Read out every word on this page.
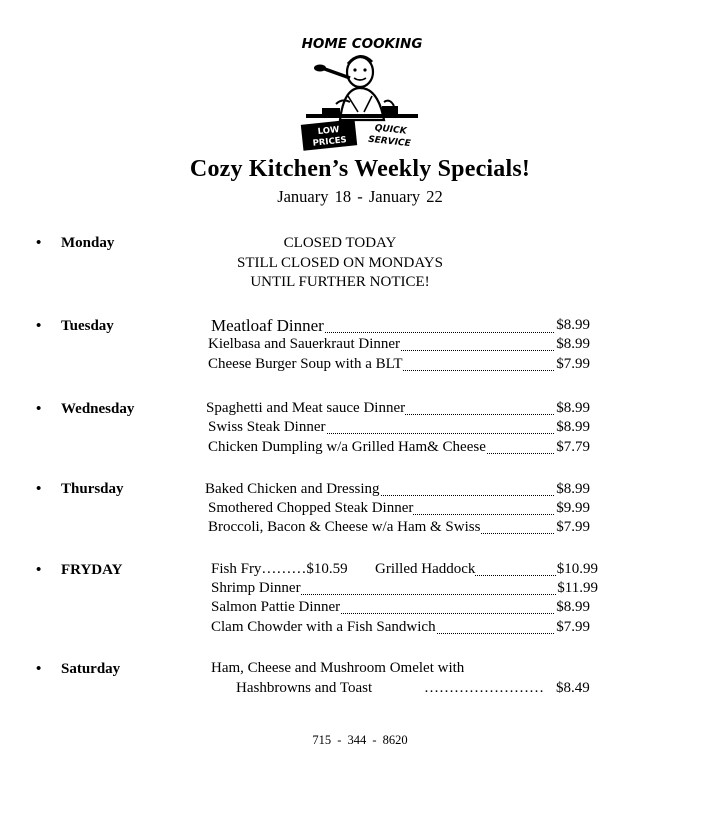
HOME COOKING
LOW
PRICES
QUICK
SERVICE
Cozy Kitchen’s Weekly Specials!
January 18 - January 22
• Monday	CLOSED TODAY
STILL CLOSED ON MONDAYS
UNTIL FURTHER NOTICE!
• Tuesday	Meatloaf Dinner	$8.99
Kielbasa and Sauerkraut Dinner	$8.99
Cheese Burger Soup with a BLT	$7.99
• Wednesday	Spaghetti and Meat sauce Dinner	$8.99
Swiss Steak Dinner	$8.99
Chicken Dumpling w/a Grilled Ham& Cheese	$7.79
• Thursday	Baked Chicken and Dressing	$8.99
Smothered Chopped Steak Dinner	$9.99
Broccoli, Bacon & Cheese w/a Ham & Swiss	$7.99
• FRYDAY	Fish Fry………$10.59 Grilled Haddock	$10.99
Shrimp Dinner	$11.99
Salmon Pattie Dinner	$8.99
Clam Chowder with a Fish Sandwich	$7.99
• Saturday	Ham, Cheese and Mushroom Omelet with
Hashbrowns and Toast	…………………… $8.49
715 - 344 - 8620
